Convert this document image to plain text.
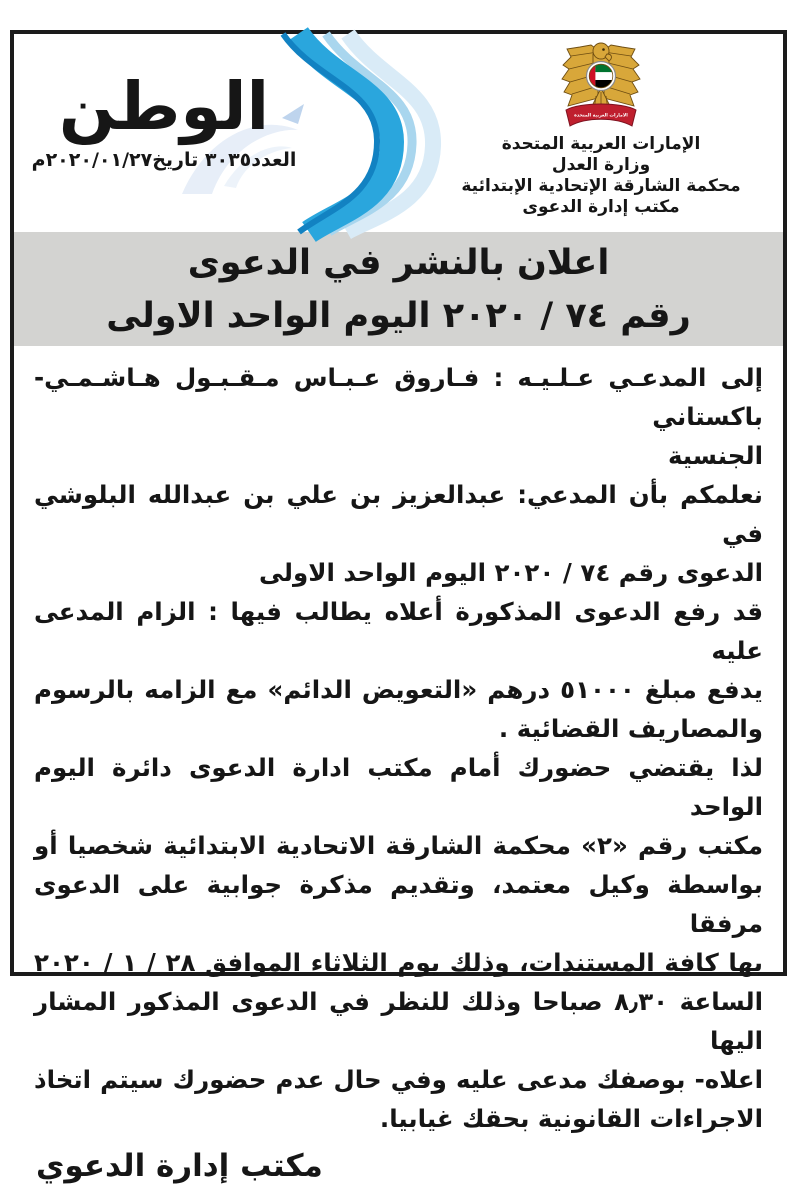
الوطن
العدد٣٠٣٥ تاريخ٢٠٢٠/٠١/٢٧م
الامارات العربية المتحدة
الإمارات العربية المتحدة
وزارة العدل
محكمة الشارقة الإتحادية الإبتدائية
مكتب إدارة الدعوى
اعلان بالنشر في الدعوى
رقم ٧٤ / ٢٠٢٠ اليوم الواحد الاولى
إلى المدعـي عـلـيـه : فـاروق عـبـاس مـقـبـول هـاشـمـي- باكستاني
الجنسية
نعلمكم بأن المدعي: عبدالعزيز بن علي بن عبدالله البلوشي في
الدعوى رقم ٧٤ / ٢٠٢٠ اليوم الواحد الاولى
قد رفع الدعوى المذكورة أعلاه يطالب فيها : الزام المدعى عليه
يدفع مبلغ ٥١٠٠٠ درهم «التعويض الدائم» مع الزامه بالرسوم
والمصاريف القضائية .
لذا يقتضي حضورك أمام مكتب ادارة الدعوى دائرة اليوم الواحد
مكتب رقم «٢» محكمة الشارقة الاتحادية الابتدائية شخصيا أو
بواسطة وكيل معتمد، وتقديم مذكرة جوابية على الدعوى مرفقا
بها كافة المستندات، وذلك يوم الثلاثاء الموافق ٢٨ / ١ / ٢٠٢٠
الساعة ٨٫٣٠ صباحا وذلك للنظر في الدعوى المذكور المشار اليها
اعلاه- بوصفك مدعى عليه وفي حال عدم حضورك سيتم اتخاذ
الاجراءات القانونية بحقك غيابيا.
مكتب إدارة الدعوي
